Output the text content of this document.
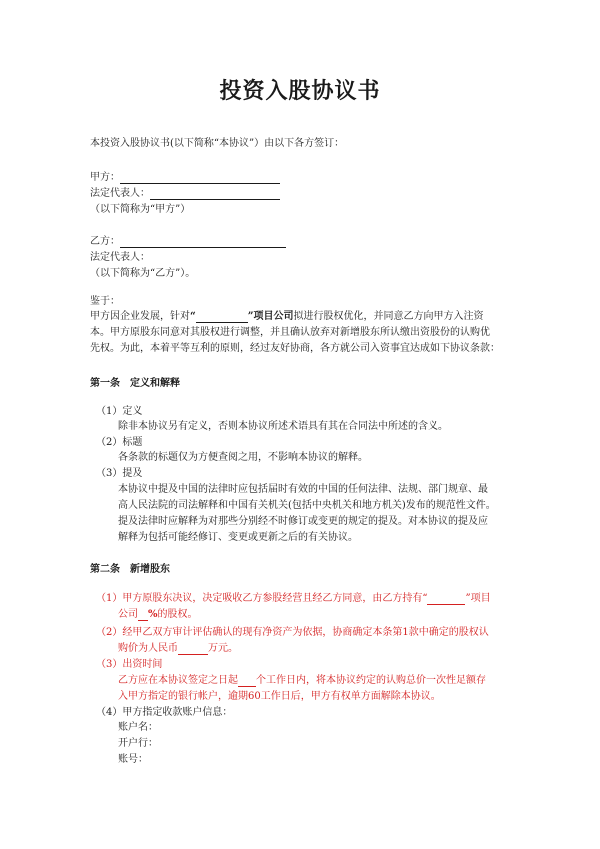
投资入股协议书
本投资入股协议书(以下简称“本协议”）由以下各方签订：
甲方：
法定代表人：
（以下简称为“甲方”）
乙方：
法定代表人：
（以下简称为“乙方”）。
鉴于：
甲方因企业发展，针对“	”项目公司拟进行股权优化，并同意乙方向甲方入注资
本。甲方原股东同意对其股权进行调整，并且确认放弃对新增股东所认缴出资股份的认购优
先权。为此，本着平等互利的原则，经过友好协商，各方就公司入资事宜达成如下协议条款：
第一条　定义和解释
（1）定义
除非本协议另有定义，否则本协议所述术语具有其在合同法中所述的含义。
（2）标题
各条款的标题仅为方便查阅之用，不影响本协议的解释。
（3）提及
本协议中提及中国的法律时应包括届时有效的中国的任何法律、法规、部门规章、最
高人民法院的司法解释和中国有关机关(包括中央机关和地方机关)发布的规范性文件。
提及法律时应解释为对那些分别经不时修订或变更的规定的提及。对本协议的提及应
解释为包括可能经修订、变更或更新之后的有关协议。
第二条　新增股东
（1）甲方原股东决议，决定吸收乙方参股经营且经乙方同意，由乙方持有“	”项目
公司 %的股权。
（2）经甲乙双方审计评估确认的现有净资产为依据，协商确定本条第1款中确定的股权认
购价为人民币	万元。
（3）出资时间
乙方应在本协议签定之日起 个工作日内，将本协议约定的认购总价一次性足额存
入甲方指定的银行帐户，逾期60工作日后，甲方有权单方面解除本协议。
（4）甲方指定收款账户信息：
账户名：
开户行：
账号：
